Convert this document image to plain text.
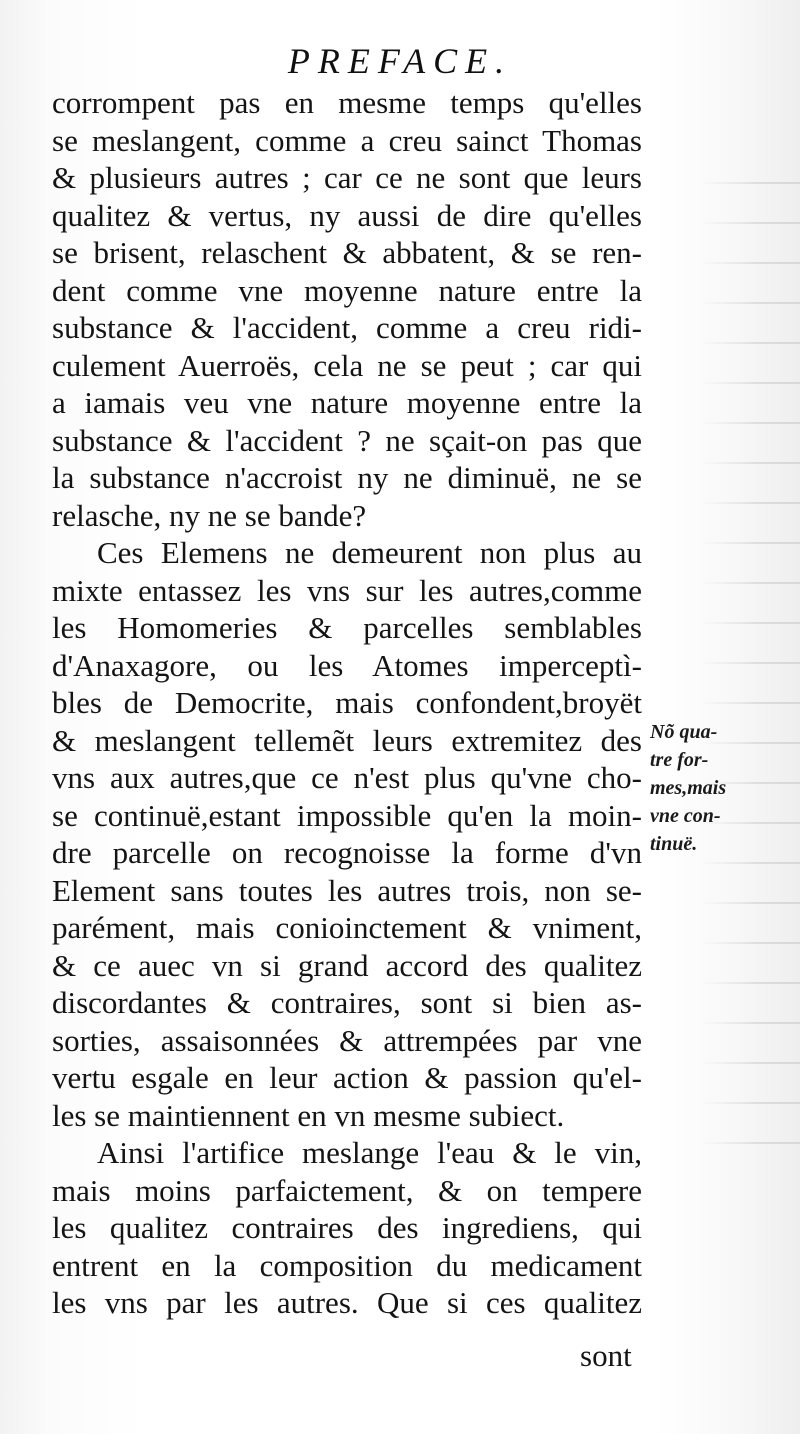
PREFACE.
corrompent pas en mesme temps qu'elles
se meslangent, comme a creu sainct Thomas
& plusieurs autres ; car ce ne sont que leurs
qualitez & vertus, ny aussi de dire qu'elles
se brisent, relaschent & abbatent, & se ren-
dent comme vne moyenne nature entre la
substance & l'accident, comme a creu ridi-
culement Auerroës, cela ne se peut ; car qui
a iamais veu vne nature moyenne entre la
substance & l'accident ? ne sçait-on pas que
la substance n'accroist ny ne diminuë, ne se
relasche, ny ne se bande?
Ces Elemens ne demeurent non plus au
mixte entassez les vns sur les autres,comme
les Homomeries & parcelles semblables
d'Anaxagore, ou les Atomes imperceptì-
bles de Democrite, mais confondent,broyët
& meslangent tellemẽt leurs extremitez des
vns aux autres,que ce n'est plus qu'vne cho-
se continuë,estant impossible qu'en la moin-
dre parcelle on recognoisse la forme d'vn
Element sans toutes les autres trois, non se-
parément, mais conioinctement & vniment,
& ce auec vn si grand accord des qualitez
discordantes & contraires, sont si bien as-
sorties, assaisonnées & attrempées par vne
vertu esgale en leur action & passion qu'el-
les se maintiennent en vn mesme subiect.
Ainsi l'artifice meslange l'eau & le vin,
mais moins parfaictement, & on tempere
les qualitez contraires des ingrediens, qui
entrent en la composition du medicament
les vns par les autres. Que si ces qualitez
sont
Nõ qua-
tre for-
mes,mais
vne con-
tinuë.
